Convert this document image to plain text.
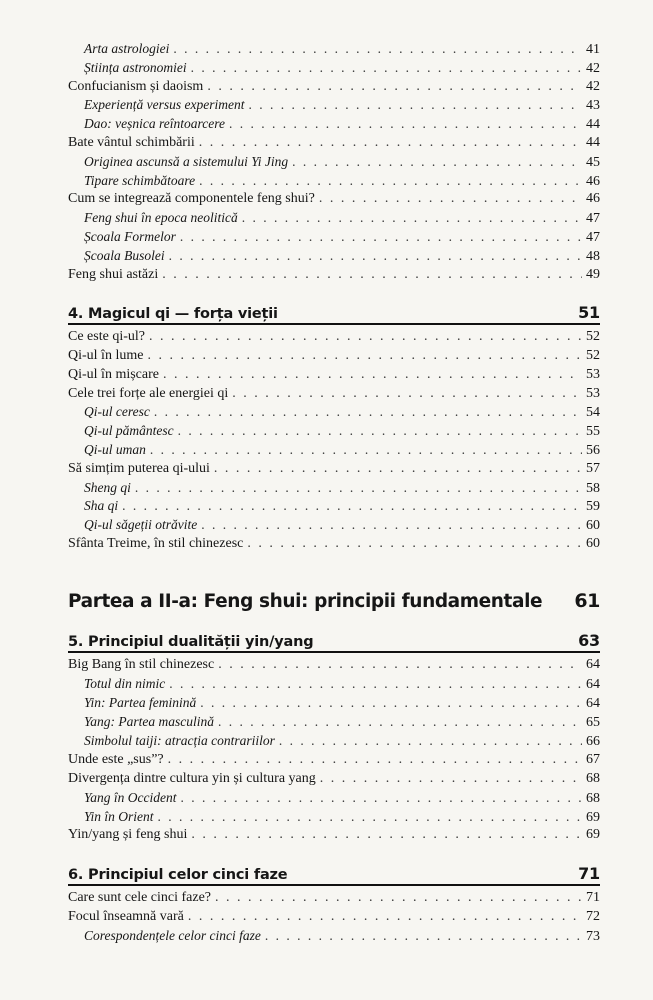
Arta astrologiei . . .	41
Știința astronomiei . . .	42
Confucianism și daoism . . .	42
Experiență versus experiment . . .	43
Dao: veșnica reîntoarcere . . .	44
Bate vântul schimbării . . .	44
Originea ascunsă a sistemului Yi Jing . . .	45
Tipare schimbătoare . . .	46
Cum se integrează componentele feng shui? . . .	46
Feng shui în epoca neolitică . . .	47
Școala Formelor . . .	47
Școala Busolei . . .	48
Feng shui astăzi . . .	49
4. Magicul qi — forța vieții	51
Ce este qi-ul? . . .	52
Qi-ul în lume . . .	52
Qi-ul în mișcare . . .	53
Cele trei forțe ale energiei qi . . .	53
Qi-ul ceresc . . .	54
Qi-ul pământesc . . .	55
Qi-ul uman . . .	56
Să simțim puterea qi-ului . . .	57
Sheng qi . . .	58
Sha qi . . .	59
Qi-ul săgeții otrăvite . . .	60
Sfânta Treime, în stil chinezesc . . .	60
Partea a II-a: Feng shui: principii fundamentale 61
5. Principiul dualității yin/yang	63
Big Bang în stil chinezesc . . .	64
Totul din nimic . . .	64
Yin: Partea feminină . . .	64
Yang: Partea masculină . . .	65
Simbolul taiji: atracția contrariilor . . .	66
Unde este „sus”? . . .	67
Divergența dintre cultura yin și cultura yang . . .	68
Yang în Occident . . .	68
Yin în Orient . . .	69
Yin/yang și feng shui . . .	69
6. Principiul celor cinci faze	71
Care sunt cele cinci faze? . . .	71
Focul înseamnă vară . . .	72
Corespondențele celor cinci faze . . .	73
